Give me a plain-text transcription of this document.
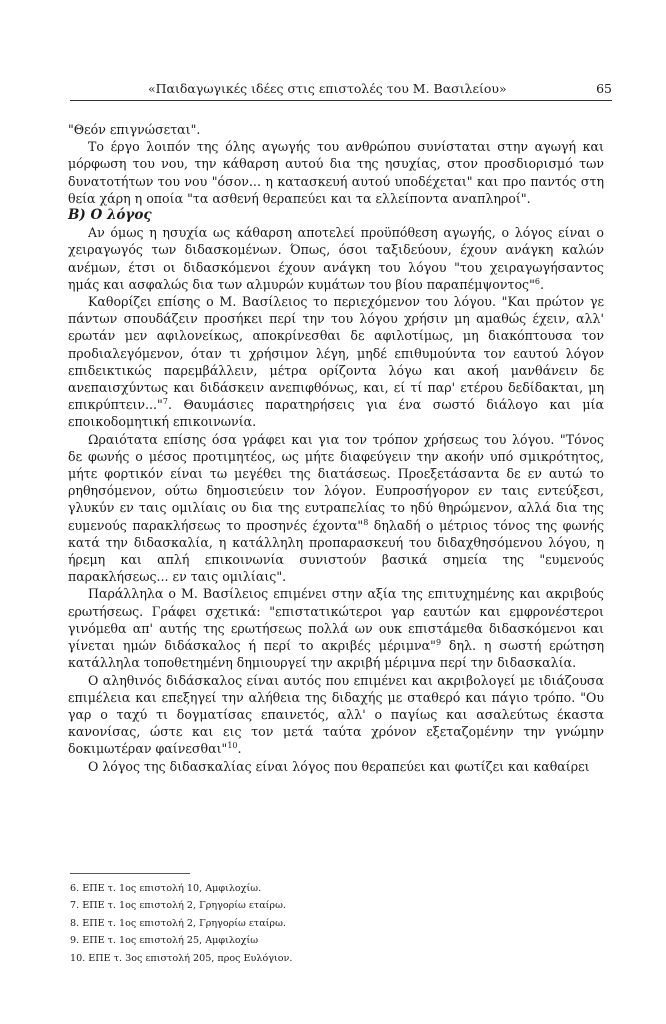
«Παιδαγωγικές ιδέες στις επιστολές του Μ. Βασιλείου»	65

"Θεόν επιγνώσεται".

Το έργο λοιπόν της όλης αγωγής του ανθρώπου συνίσταται στην αγωγή και μόρφωση του νου, την κάθαρση αυτού δια της ησυχίας, στον προσδιορισμό των δυνατοτήτων του νου "όσον... η κατασκευή αυτού υποδέχεται" και προ παντός στη θεία χάρη η οποία "τα ασθενή θεραπεύει και τα ελλείποντα αναπληροί".

Β) Ο λόγος

Αν όμως η ησυχία ως κάθαρση αποτελεί προϋπόθεση αγωγής, ο λόγος είναι ο χειραγωγός των διδασκομένων. Όπως, όσοι ταξιδεύουν, έχουν ανάγκη καλών ανέμων, έτσι οι διδασκόμενοι έχουν ανάγκη του λόγου "του χειραγωγήσαντος ημάς και ασφαλώς δια των αλμυρών κυμάτων του βίου παραπέμψοντος"$^6$.

Καθορίζει επίσης ο Μ. Βασίλειος το περιεχόμενον του λόγου. "Και πρώτον γε πάντων σπουδάζειν προσήκει περί την του λόγου χρήσιν μη αμαθώς έχειν, αλλ' ερωτάν μεν αφιλονείκως, αποκρίνεσθαι δε αφιλοτίμως, μη διακόπτουσα τον προδιαλεγόμενον, όταν τι χρήσιμον λέγη, μηδέ επιθυμούντα τον εαυτού λόγον επιδεικτικώς παρεμβάλλειν, μέτρα ορίζοντα λόγω και ακοή μανθάνειν δε ανεπαισχύντως και διδάσκειν ανεπιφθόνως, και, εί τί παρ' ετέρου δεδίδακται, μη επικρύπτειν..."$^7$. Θαυμάσιες παρατηρήσεις για ένα σωστό διάλογο και μία εποικοδομητική επικοινωνία.

Ωραιότατα επίσης όσα γράφει και για τον τρόπον χρήσεως του λόγου. "Τόνος δε φωνής ο μέσος προτιμητέος, ως μήτε διαφεύγειν την ακοήν υπό σμικρότητος, μήτε φορτικόν είναι τω μεγέθει της διατάσεως. Προεξετάσαντα δε εν αυτώ το ρηθησόμενον, ούτω δημοσιεύειν τον λόγον. Ευπροσήγορον εν ταις εντεύξεσι, γλυκύν εν ταις ομιλίαις ου δια της ευτραπελίας το ηδύ θηρώμενον, αλλά δια της ευμενούς παρακλήσεως το προσηνές έχοντα"$^8$ δηλαδή ο μέτριος τόνος της φωνής κατά την διδασκαλία, η κατάλληλη προπαρασκευή του διδαχθησόμενου λόγου, η ήρεμη και απλή επικοινωνία συνιστούν βασικά σημεία της "ευμενούς παρακλήσεως... εν ταις ομιλίαις".

Παράλληλα ο Μ. Βασίλειος επιμένει στην αξία της επιτυχημένης και ακριβούς ερωτήσεως. Γράφει σχετικά: "επιστατικώτεροι γαρ εαυτών και εμφρονέστεροι γινόμεθα απ' αυτής της ερωτήσεως πολλά ων ουκ επιστάμεθα διδασκόμενοι και γίνεται ημών διδάσκαλος ή περί το ακριβές μέριμνα"$^9$ δηλ. η σωστή ερώτηση κατάλληλα τοποθετημένη δημιουργεί την ακριβή μέριμνα περί την διδασκαλία.

Ο αληθινός διδάσκαλος είναι αυτός που επιμένει και ακριβολογεί με ιδιάζουσα επιμέλεια και επεξηγεί την αλήθεια της διδαχής με σταθερό και πάγιο τρόπο. "Ου γαρ ο ταχύ τι δογματίσας επαινετός, αλλ' ο παγίως και ασαλεύτως έκαστα κανονίσας, ώστε και εις τον μετά ταύτα χρόνον εξεταζομένην την γνώμην δοκιμωτέραν φαίνεσθαι"$^{10}$.

Ο λόγος της διδασκαλίας είναι λόγος που θεραπεύει και φωτίζει και καθαίρει

6. ΕΠΕ τ. 1ος επιστολή 10, Αμφιλοχίω.
7. ΕΠΕ τ. 1ος επιστολή 2, Γρηγορίω εταίρω.
8. ΕΠΕ τ. 1ος επιστολή 2, Γρηγορίω εταίρω.
9. ΕΠΕ τ. 1ος επιστολή 25, Αμφιλοχίω
10. ΕΠΕ τ. 3ος επιστολή 205, προς Ευλόγιον.
